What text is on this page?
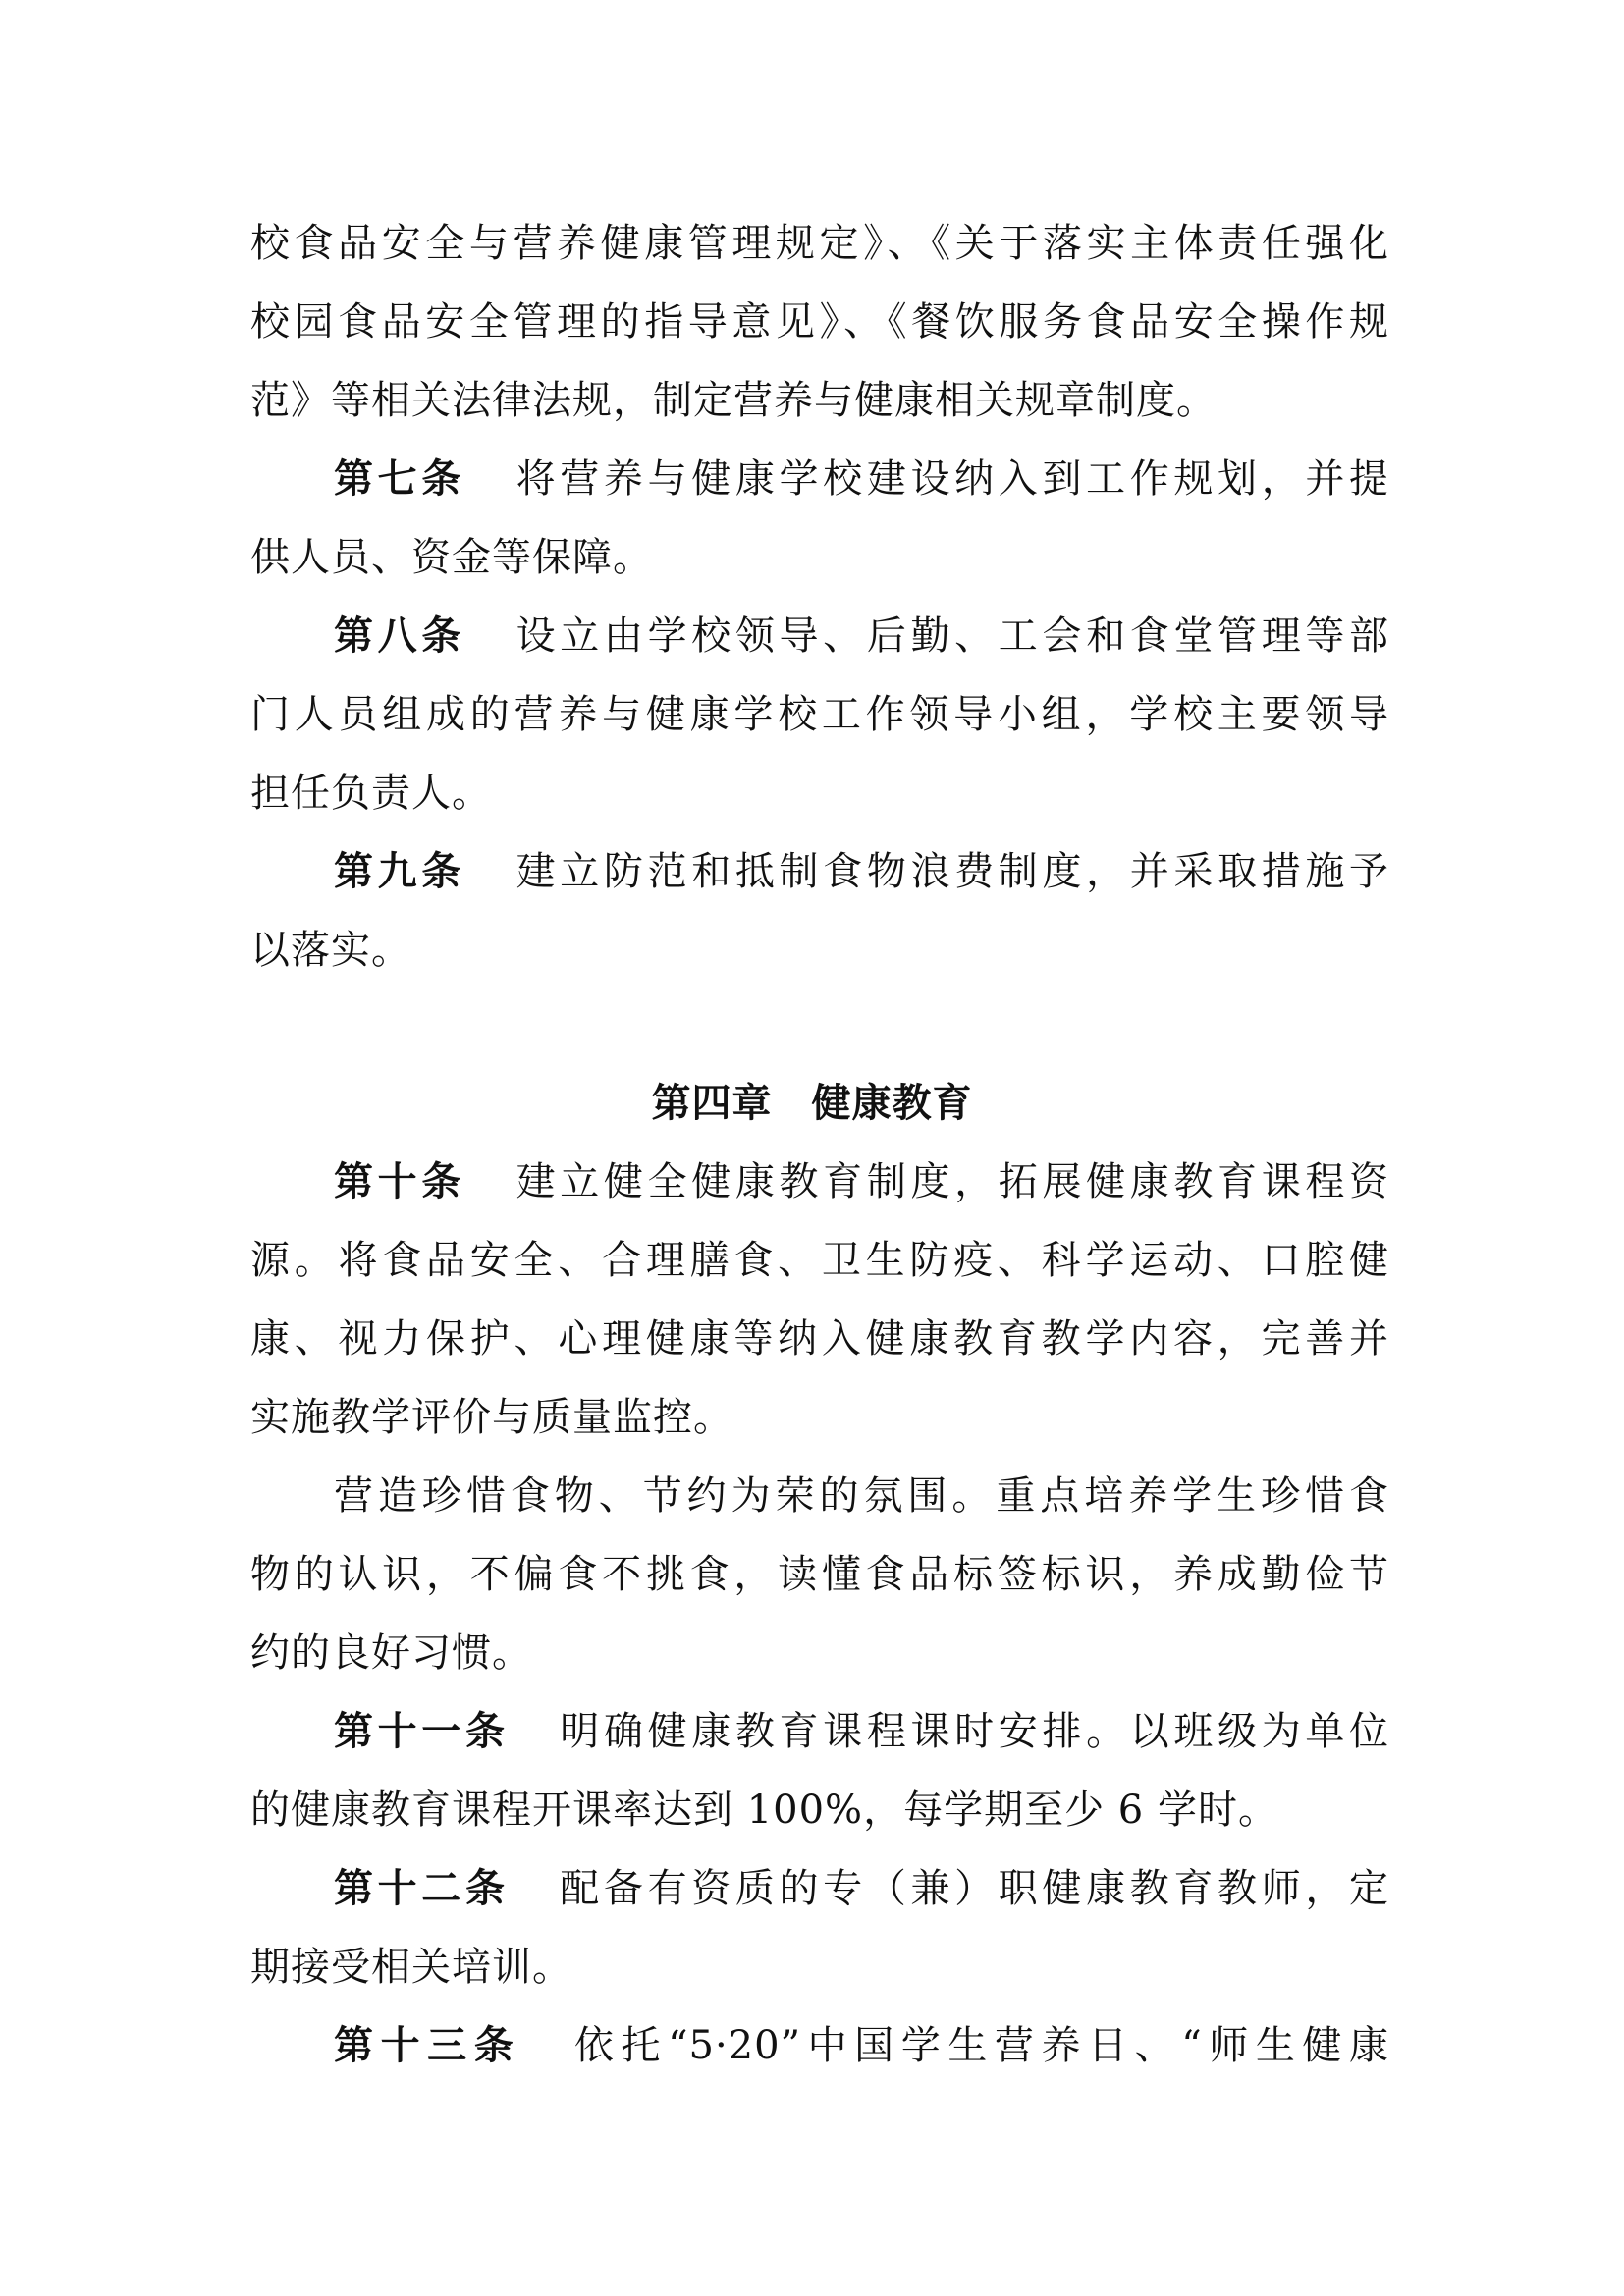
校食品安全与营养健康管理规定》、《关于落实主体责任强化
校园食品安全管理的指导意见》、《餐饮服务食品安全操作规
范》等相关法律法规，制定营养与健康相关规章制度。
第七条 将营养与健康学校建设纳入到工作规划，并提
供人员、资金等保障。
第八条 设立由学校领导、后勤、工会和食堂管理等部
门人员组成的营养与健康学校工作领导小组，学校主要领导
担任负责人。
第九条 建立防范和抵制食物浪费制度，并采取措施予
以落实。
第四章 健康教育
第十条 建立健全健康教育制度，拓展健康教育课程资
源。将食品安全、合理膳食、卫生防疫、科学运动、口腔健
康、视力保护、心理健康等纳入健康教育教学内容，完善并
实施教学评价与质量监控。
营造珍惜食物、节约为荣的氛围。重点培养学生珍惜食
物的认识，不偏食不挑食，读懂食品标签标识，养成勤俭节
约的良好习惯。
第十一条 明确健康教育课程课时安排。以班级为单位
的健康教育课程开课率达到 100%，每学期至少 6 学时。
第十二条 配备有资质的专（兼）职健康教育教师，定
期接受相关培训。
第十三条 依托“5·20”中国学生营养日、“师生健康
